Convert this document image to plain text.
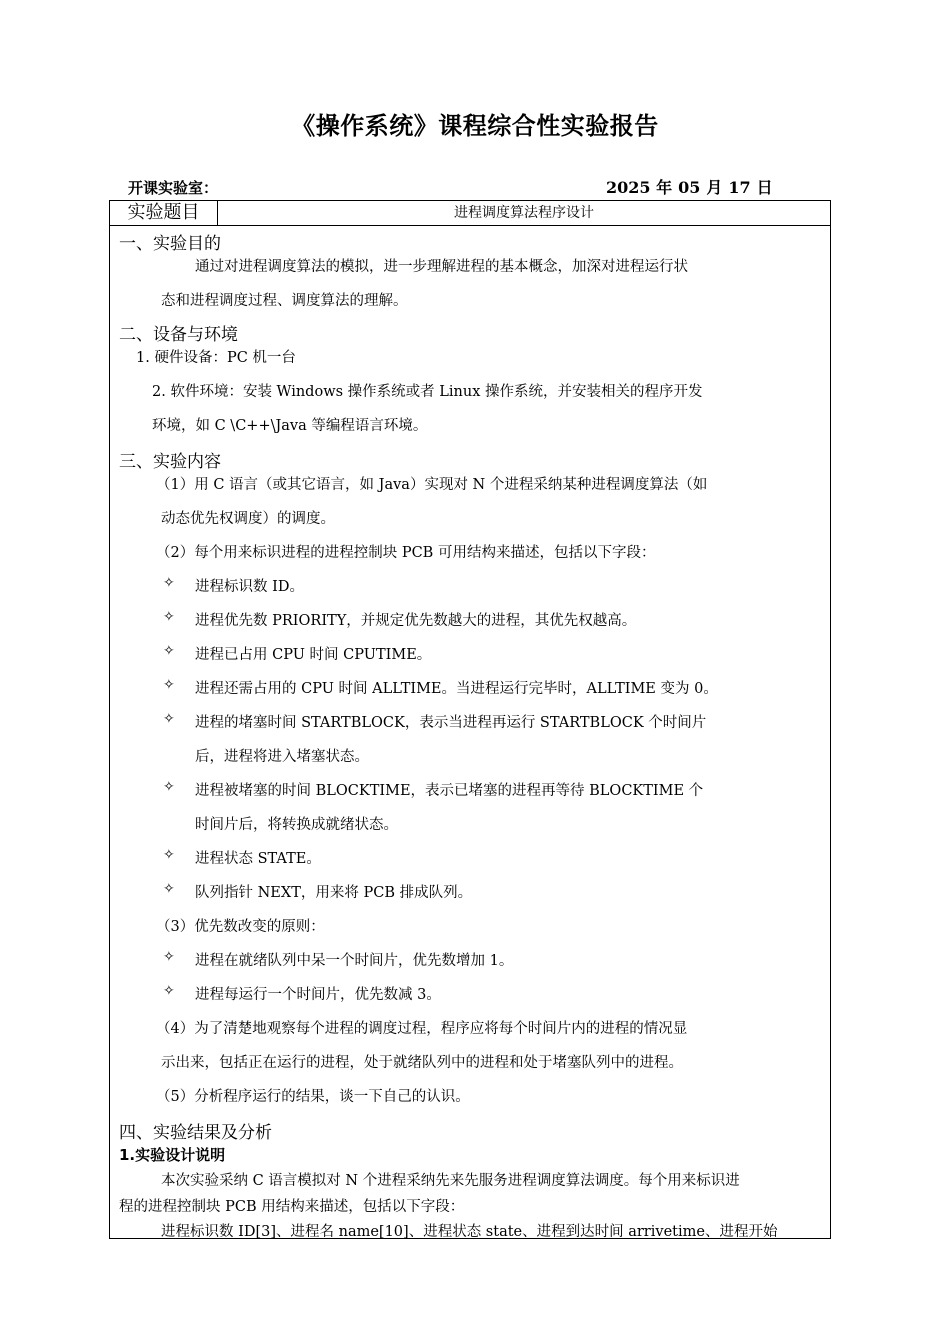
《操作系统》课程综合性实验报告
开课实验室：	2025 年 05 月 17 日
实验题目	进程调度算法程序设计
一、实验目的
通过对进程调度算法的模拟，进一步理解进程的基本概念，加深对进程运行状
态和进程调度过程、调度算法的理解。
二、设备与环境
1. 硬件设备：PC 机一台
2. 软件环境：安装 Windows 操作系统或者 Linux 操作系统，并安装相关的程序开发
环境，如 C \C++\Java 等编程语言环境。
三、实验内容
（1）用 C 语言（或其它语言，如 Java）实现对 N 个进程采纳某种进程调度算法（如
动态优先权调度）的调度。
（2）每个用来标识进程的进程控制块 PCB 可用结构来描述，包括以下字段：
✧ 进程标识数 ID。
✧ 进程优先数 PRIORITY，并规定优先数越大的进程，其优先权越高。
✧ 进程已占用 CPU 时间 CPUTIME。
✧ 进程还需占用的 CPU 时间 ALLTIME。当进程运行完毕时，ALLTIME 变为 0。
✧ 进程的堵塞时间 STARTBLOCK，表示当进程再运行 STARTBLOCK 个时间片
后，进程将进入堵塞状态。
✧ 进程被堵塞的时间 BLOCKTIME，表示已堵塞的进程再等待 BLOCKTIME 个
时间片后，将转换成就绪状态。
✧ 进程状态 STATE。
✧ 队列指针 NEXT，用来将 PCB 排成队列。
（3）优先数改变的原则：
✧ 进程在就绪队列中呆一个时间片，优先数增加 1。
✧ 进程每运行一个时间片，优先数减 3。
（4）为了清楚地观察每个进程的调度过程，程序应将每个时间片内的进程的情况显
示出来，包括正在运行的进程，处于就绪队列中的进程和处于堵塞队列中的进程。
（5）分析程序运行的结果，谈一下自己的认识。
四、实验结果及分析
1.实验设计说明
本次实验采纳 C 语言模拟对 N 个进程采纳先来先服务进程调度算法调度。每个用来标识进
程的进程控制块 PCB 用结构来描述，包括以下字段：
进程标识数 ID[3]、进程名 name[10]、进程状态 state、进程到达时间 arrivetime、进程开始
